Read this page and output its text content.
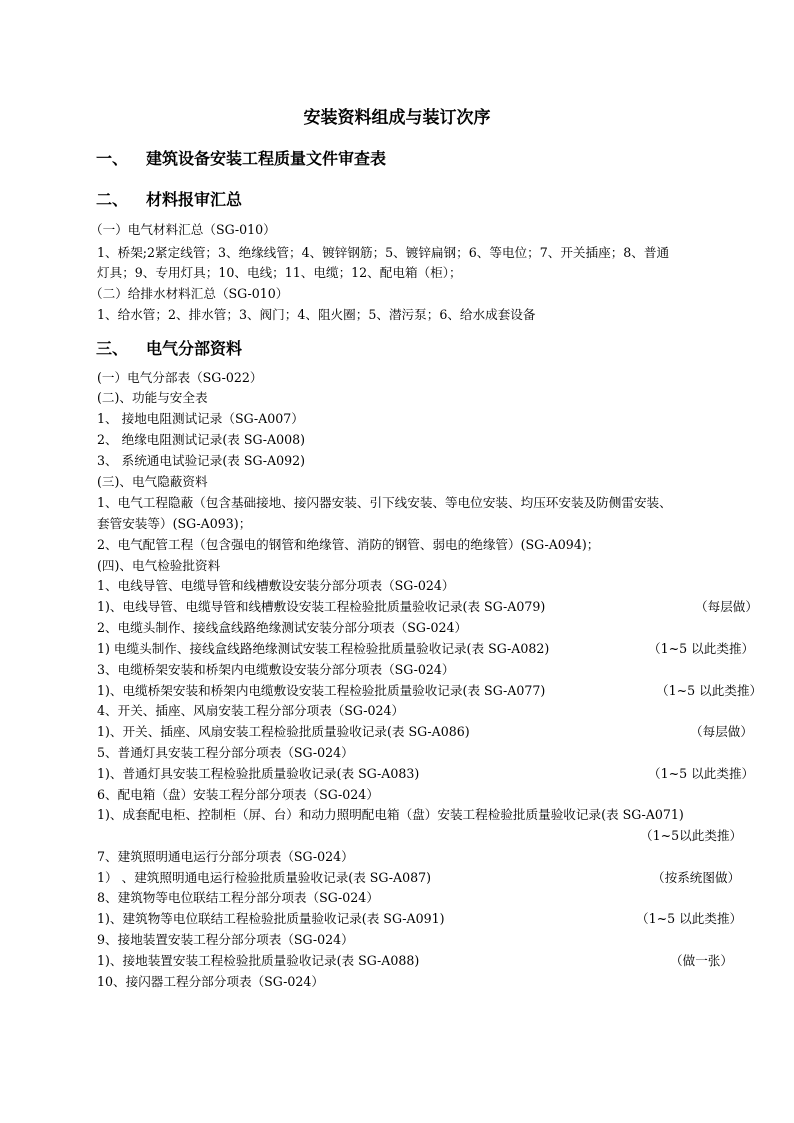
安装资料组成与装订次序
一、 建筑设备安装工程质量文件审查表
二、 材料报审汇总
（一）电气材料汇总（SG-010）
1、桥架;2紧定线管；3、绝缘线管；4、镀锌钢筋；5、镀锌扁钢；6、等电位；7、开关插座；8、普通
灯具；9、专用灯具；10、电线；11、电缆；12、配电箱（柜）；
（二）给排水材料汇总（SG-010）
1、给水管；2、排水管；3、阀门；4、阻火圈；5、潜污泵；6、给水成套设备
三、 电气分部资料
(一）电气分部表（SG-022）
(二)、功能与安全表
1、 接地电阻测试记录（SG-A007）
2、 绝缘电阻测试记录(表 SG-A008)
3、 系统通电试验记录(表 SG-A092)
(三)、电气隐蔽资料
1、电气工程隐蔽（包含基础接地、接闪器安装、引下线安装、等电位安装、均压环安装及防侧雷安装、
套管安装等）(SG-A093)；
2、电气配管工程（包含强电的钢管和绝缘管、消防的钢管、弱电的绝缘管）(SG-A094)；
(四)、电气检验批资料
1、电线导管、电缆导管和线槽敷设安装分部分项表（SG-024）
1)、电线导管、电缆导管和线槽敷设安装工程检验批质量验收记录(表 SG-A079)	（每层做）
2、电缆头制作、接线盒线路绝缘测试安装分部分项表（SG-024）
1) 电缆头制作、接线盒线路绝缘测试安装工程检验批质量验收记录(表 SG-A082)	（1~5 以此类推）
3、电缆桥架安装和桥架内电缆敷设安装分部分项表（SG-024）
1)、电缆桥架安装和桥架内电缆敷设安装工程检验批质量验收记录(表 SG-A077)	（1~5 以此类推）
4、开关、插座、风扇安装工程分部分项表（SG-024）
1)、开关、插座、风扇安装工程检验批质量验收记录(表 SG-A086)	（每层做）
5、普通灯具安装工程分部分项表（SG-024）
1)、普通灯具安装工程检验批质量验收记录(表 SG-A083)	（1~5 以此类推）
6、配电箱（盘）安装工程分部分项表（SG-024）
1)、成套配电柜、控制柜（屏、台）和动力照明配电箱（盘）安装工程检验批质量验收记录(表 SG-A071)
（1~5以此类推）
7、建筑照明通电运行分部分项表（SG-024）
1） 、建筑照明通电运行检验批质量验收记录(表 SG-A087)	（按系统图做）
8、建筑物等电位联结工程分部分项表（SG-024）
1)、建筑物等电位联结工程检验批质量验收记录(表 SG-A091)	（1~5 以此类推）
9、接地装置安装工程分部分项表（SG-024）
1)、接地装置安装工程检验批质量验收记录(表 SG-A088)	（做一张）
10、接闪器工程分部分项表（SG-024）
